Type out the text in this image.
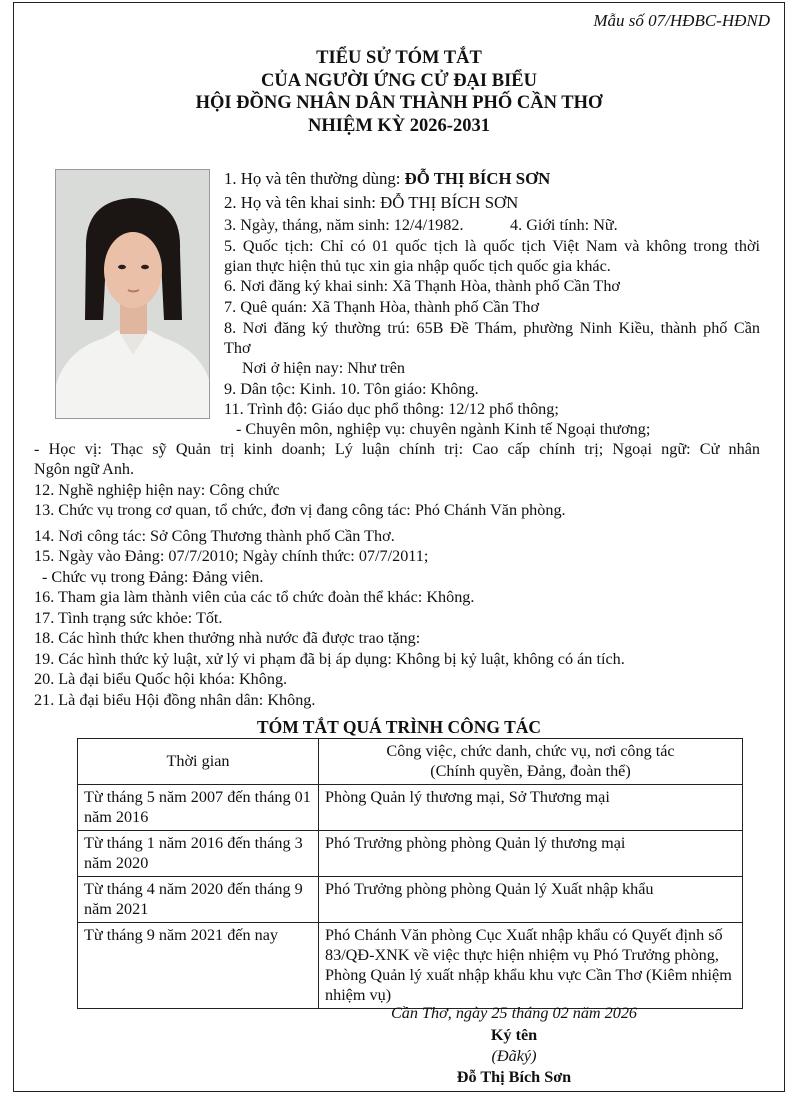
Mẫu số 07/HĐBC-HĐND
TIỂU SỬ TÓM TẮT
CỦA NGƯỜI ỨNG CỬ ĐẠI BIỂU
HỘI ĐỒNG NHÂN DÂN THÀNH PHỐ CẦN THƠ
NHIỆM KỲ 2026-2031
1. Họ và tên thường dùng: ĐỖ THỊ BÍCH SƠN
2. Họ và tên khai sinh: ĐỖ THỊ BÍCH SƠN
3. Ngày, tháng, năm sinh: 12/4/1982.	4. Giới tính: Nữ.
5. Quốc tịch: Chỉ có 01 quốc tịch là quốc tịch Việt Nam và không trong thời
gian thực hiện thủ tục xin gia nhập quốc tịch quốc gia khác.
6. Nơi đăng ký khai sinh: Xã Thạnh Hòa, thành phố Cần Thơ
7. Quê quán: Xã Thạnh Hòa, thành phố Cần Thơ
8. Nơi đăng ký thường trú: 65B Đề Thám, phường Ninh Kiều, thành phố Cần
Thơ
Nơi ở hiện nay: Như trên
9. Dân tộc: Kinh. 10. Tôn giáo: Không.
11. Trình độ: Giáo dục phổ thông: 12/12 phổ thông;
- Chuyên môn, nghiệp vụ: chuyên ngành Kinh tế Ngoại thương;
- Học vị: Thạc sỹ Quản trị kinh doanh; Lý luận chính trị: Cao cấp chính trị; Ngoại ngữ: Cử nhân
Ngôn ngữ Anh.
12. Nghề nghiệp hiện nay: Công chức
13. Chức vụ trong cơ quan, tổ chức, đơn vị đang công tác: Phó Chánh Văn phòng.
14. Nơi công tác: Sở Công Thương thành phố Cần Thơ.
15. Ngày vào Đảng: 07/7/2010; Ngày chính thức: 07/7/2011;
- Chức vụ trong Đảng: Đảng viên.
16. Tham gia làm thành viên của các tổ chức đoàn thể khác: Không.
17. Tình trạng sức khỏe: Tốt.
18. Các hình thức khen thưởng nhà nước đã được trao tặng:
19. Các hình thức kỷ luật, xử lý vi phạm đã bị áp dụng: Không bị kỷ luật, không có án tích.
20. Là đại biểu Quốc hội khóa: Không.
21. Là đại biểu Hội đồng nhân dân: Không.
TÓM TẮT QUÁ TRÌNH CÔNG TÁC
Thời gian	Công việc, chức danh, chức vụ, nơi công tác
(Chính quyền, Đảng, đoàn thể)

Từ tháng 5 năm 2007 đến tháng 01 năm 2016	Phòng Quản lý thương mại, Sở Thương mại
Từ tháng 1 năm 2016 đến tháng 3 năm 2020	Phó Trưởng phòng phòng Quản lý thương mại
Từ tháng 4 năm 2020 đến tháng 9 năm 2021	Phó Trưởng phòng phòng Quản lý Xuất nhập khẩu
Từ tháng 9 năm 2021 đến nay	Phó Chánh Văn phòng Cục Xuất nhập khẩu có Quyết định số 83/QĐ-XNK về việc thực hiện nhiệm vụ Phó Trưởng phòng, Phòng Quản lý xuất nhập khẩu khu vực Cần Thơ (Kiêm nhiệm nhiệm vụ)
Cần Thơ, ngày 25 tháng 02 năm 2026
Ký tên
(Đãký)
Đỗ Thị Bích Sơn
